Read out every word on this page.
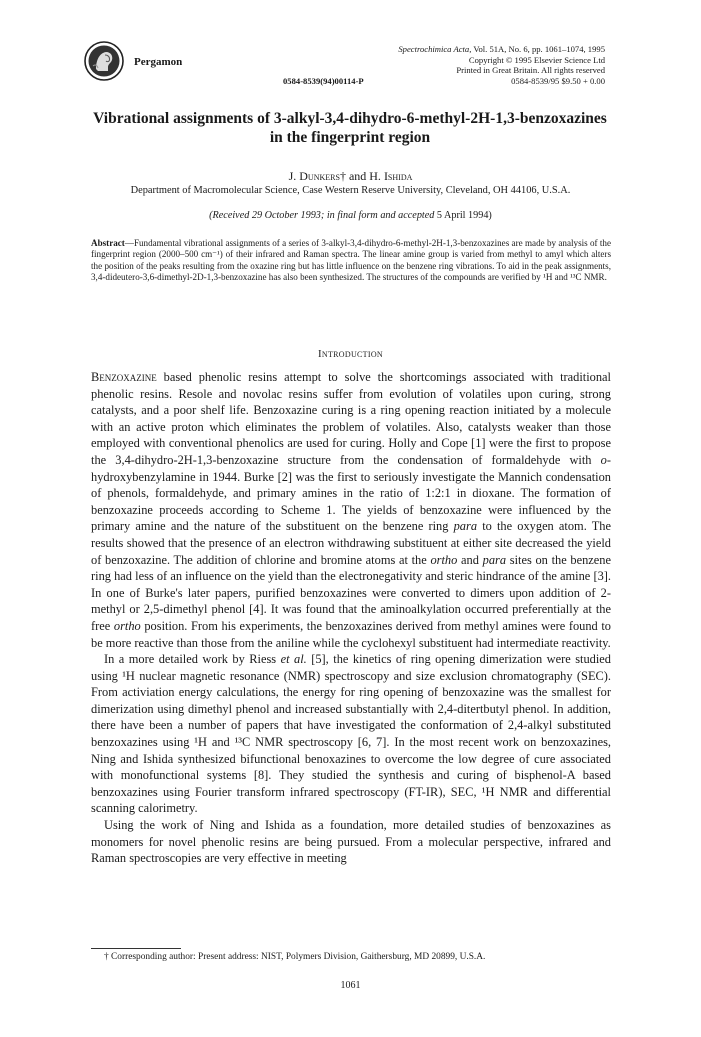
Pergamon
Spectrochimica Acta, Vol. 51A, No. 6, pp. 1061–1074, 1995
Copyright © 1995 Elsevier Science Ltd
Printed in Great Britain. All rights reserved
0584-8539/95 $9.50 + 0.00
0584-8539(94)00114-P
Vibrational assignments of 3-alkyl-3,4-dihydro-6-methyl-2H-1,3-benzoxazines in the fingerprint region
J. Dunkers† and H. Ishida
Department of Macromolecular Science, Case Western Reserve University, Cleveland, OH 44106, U.S.A.
(Received 29 October 1993; in final form and accepted 5 April 1994)
Abstract—Fundamental vibrational assignments of a series of 3-alkyl-3,4-dihydro-6-methyl-2H-1,3-benzoxazines are made by analysis of the fingerprint region (2000–500 cm⁻¹) of their infrared and Raman spectra. The linear amine group is varied from methyl to amyl which alters the position of the peaks resulting from the oxazine ring but has little influence on the benzene ring vibrations. To aid in the peak assignments, 3,4-dideutero-3,6-dimethyl-2D-1,3-benzoxazine has also been synthesized. The structures of the compounds are verified by ¹H and ¹³C NMR.
Introduction

Benzoxazine based phenolic resins attempt to solve the shortcomings associated with traditional phenolic resins. Resole and novolac resins suffer from evolution of volatiles upon curing, strong catalysts, and a poor shelf life. Benzoxazine curing is a ring opening reaction initiated by a molecule with an active proton which eliminates the problem of volatiles. Also, catalysts weaker than those employed with conventional phenolics are used for curing. Holly and Cope [1] were the first to propose the 3,4-dihydro-2H-1,3-benzoxazine structure from the condensation of formaldehyde with o-hydroxybenzylamine in 1944. Burke [2] was the first to seriously investigate the Mannich condensation of phenols, formaldehyde, and primary amines in the ratio of 1:2:1 in dioxane. The formation of benzoxazine proceeds according to Scheme 1. The yields of benzoxazine were influenced by the primary amine and the nature of the substituent on the benzene ring para to the oxygen atom. The results showed that the presence of an electron withdrawing substituent at either site decreased the yield of benzoxazine. The addition of chlorine and bromine atoms at the ortho and para sites on the benzene ring had less of an influence on the yield than the electronegativity and steric hindrance of the amine [3]. In one of Burke's later papers, purified benzoxazines were converted to dimers upon addition of 2-methyl or 2,5-dimethyl phenol [4]. It was found that the aminoalkylation occurred preferentially at the free ortho position. From his experiments, the benzoxazines derived from methyl amines were found to be more reactive than those from the aniline while the cyclohexyl substituent had intermediate reactivity.

In a more detailed work by Riess et al. [5], the kinetics of ring opening dimerization were studied using ¹H nuclear magnetic resonance (NMR) spectroscopy and size exclusion chromatography (SEC). From activiation energy calculations, the energy for ring opening of benzoxazine was the smallest for dimerization using dimethyl phenol and increased substantially with 2,4-ditertbutyl phenol. In addition, there have been a number of papers that have investigated the conformation of 2,4-alkyl substituted benzoxazines using ¹H and ¹³C NMR spectroscopy [6, 7]. In the most recent work on benzoxazines, Ning and Ishida synthesized bifunctional benoxazines to overcome the low degree of cure associated with monofunctional systems [8]. They studied the synthesis and curing of bisphenol-A based benzoxazines using Fourier transform infrared spectroscopy (FT-IR), SEC, ¹H NMR and differential scanning calorimetry.

Using the work of Ning and Ishida as a foundation, more detailed studies of benzoxazines as monomers for novel phenolic resins are being pursued. From a molecular perspective, infrared and Raman spectroscopies are very effective in meeting

† Corresponding author: Present address: NIST, Polymers Division, Gaithersburg, MD 20899, U.S.A.
1061
